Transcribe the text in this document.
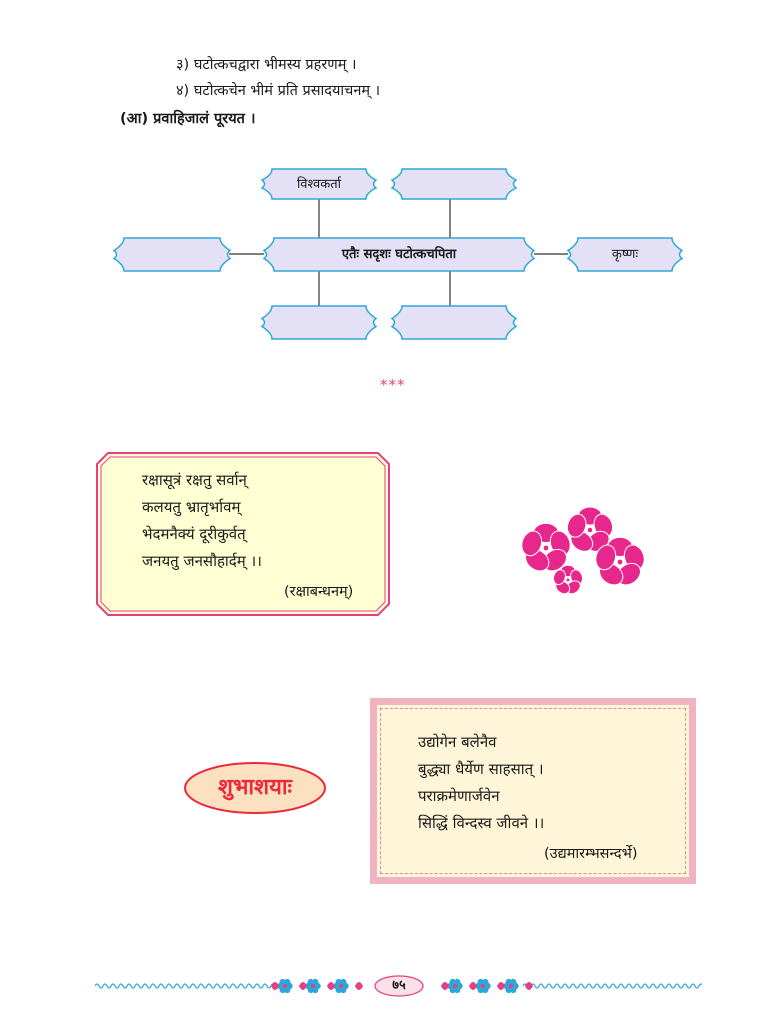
३) घटोत्कचद्वारा भीमस्य प्रहरणम् ।
४) घटोत्कचेन भीमं प्रति प्रसादयाचनम् ।
(आ) प्रवाहिजालं पूरयत ।
विश्वकर्ता
एतैः सदृशः घटोत्कचपिता	कृष्णः
***
रक्षासूत्रं रक्षतु सर्वान्
कलयतु भ्रातृर्भावम्
भेदमनैक्यं दूरीकुर्वत्
जनयतु जनसौहार्दम् ।।
(रक्षाबन्धनम्)
शुभाशयाः
उद्योगेन बलेनैव
बुद्ध्या धैर्येण साहसात् ।
पराक्रमेणार्जवेन
सिद्धिं विन्दस्व जीवने ।।
(उद्यमारम्भसन्दर्भे)
७५
